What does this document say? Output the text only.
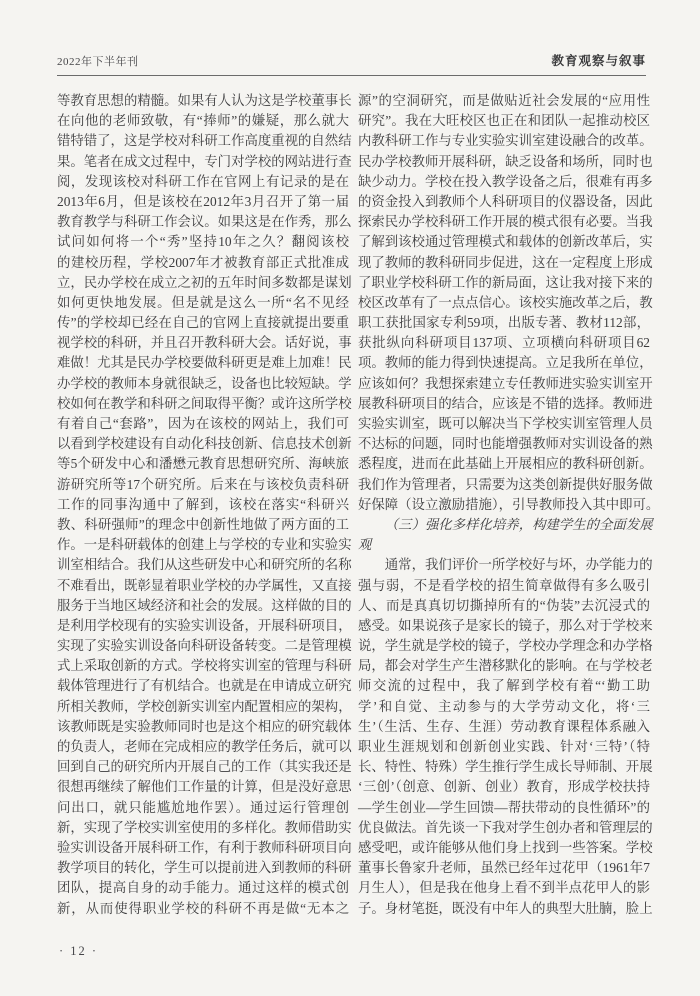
2022年下半年刊	教育观察与叙事
等教育思想的精髓。如果有人认为这是学校董事长
在向他的老师致敬，有“捧师”的嫌疑，那么就大
错特错了，这是学校对科研工作高度重视的自然结
果。笔者在成文过程中，专门对学校的网站进行查
阅，发现该校对科研工作在官网上有记录的是在
2013年6月，但是该校在2012年3月召开了第一届
教育教学与科研工作会议。如果这是在作秀，那么
试问如何将一个“秀”坚持10年之久？翻阅该校
的建校历程，学校2007年才被教育部正式批准成
立，民办学校在成立之初的五年时间多数都是谋划
如何更快地发展。但是就是这么一所“名不见经
传”的学校却已经在自己的官网上直接就提出要重
视学校的科研，并且召开教科研大会。话好说，事
难做！尤其是民办学校要做科研更是难上加难！民
办学校的教师本身就很缺乏，设备也比较短缺。学
校如何在教学和科研之间取得平衡？或许这所学校
有着自己“套路”，因为在该校的网站上，我们可
以看到学校建设有自动化科技创新、信息技术创新
等5个研发中心和潘懋元教育思想研究所、海峡旅
游研究所等17个研究所。后来在与该校负责科研
工作的同事沟通中了解到，该校在落实“科研兴
教、科研强师”的理念中创新性地做了两方面的工
作。一是科研载体的创建上与学校的专业和实验实
训室相结合。我们从这些研发中心和研究所的名称
不难看出，既彰显着职业学校的办学属性，又直接
服务于当地区域经济和社会的发展。这样做的目的
是利用学校现有的实验实训设备，开展科研项目，
实现了实验实训设备向科研设备转变。二是管理模
式上采取创新的方式。学校将实训室的管理与科研
载体管理进行了有机结合。也就是在申请成立研究
所相关教师，学校创新实训室内配置相应的架构，
该教师既是实验教师同时也是这个相应的研究载体
的负责人，老师在完成相应的教学任务后，就可以
回到自己的研究所内开展自己的工作（其实我还是
很想再继续了解他们工作量的计算，但是没好意思
问出口，就只能尴尬地作罢）。通过运行管理创
新，实现了学校实训室使用的多样化。教师借助实
验实训设备开展科研工作，有利于教师科研项目向
教学项目的转化，学生可以提前进入到教师的科研
团队，提高自身的动手能力。通过这样的模式创
新，从而使得职业学校的科研不再是做“无本之
源”的空洞研究，而是做贴近社会发展的“应用性
研究”。我在大旺校区也正在和团队一起推动校区
内教科研工作与专业实验实训室建设融合的改革。
民办学校教师开展科研，缺乏设备和场所，同时也
缺少动力。学校在投入教学设备之后，很难有再多
的资金投入到教师个人科研项目的仪器设备，因此
探索民办学校科研工作开展的模式很有必要。当我
了解到该校通过管理模式和载体的创新改革后，实
现了教师的教科研同步促进，这在一定程度上形成
了职业学校科研工作的新局面，这让我对接下来的
校区改革有了一点点信心。该校实施改革之后，教
职工获批国家专利59项，出版专著、教材112部，
获批纵向科研项目137项、立项横向科研项目62
项。教师的能力得到快速提高。立足我所在单位，
应该如何？我想探索建立专任教师进实验实训室开
展教科研项目的结合，应该是不错的选择。教师进
实验实训室，既可以解决当下学校实训室管理人员
不达标的问题，同时也能增强教师对实训设备的熟
悉程度，进而在此基础上开展相应的教科研创新。
我们作为管理者，只需要为这类创新提供好服务做
好保障（设立激励措施），引导教师投入其中即可。
（三）强化多样化培养，构建学生的全面发展
观
通常，我们评价一所学校好与坏，办学能力的
强与弱，不是看学校的招生简章做得有多么吸引
人、而是真真切切撕掉所有的“伪装”去沉浸式的
感受。如果说孩子是家长的镜子，那么对于学校来
说，学生就是学校的镜子，学校办学理念和办学格
局，都会对学生产生潜移默化的影响。在与学校老
师交流的过程中，我了解到学校有着“‘勤工助
学’和自觉、主动参与的大学劳动文化，将‘三
生’（生活、生存、生涯）劳动教育课程体系融入
职业生涯规划和创新创业实践、针对‘三特’（特
长、特性、特殊）学生推行学生成长导师制、开展
‘三创’（创意、创新、创业）教育，形成学校扶持
—学生创业—学生回馈—帮扶带动的良性循环”的
优良做法。首先谈一下我对学生创办者和管理层的
感受吧，或许能够从他们身上找到一些答案。学校
董事长鲁家升老师，虽然已经年过花甲（1961年7
月生人），但是我在他身上看不到半点花甲人的影
子。身材笔挺，既没有中年人的典型大肚腩，脸上
· 12 ·
